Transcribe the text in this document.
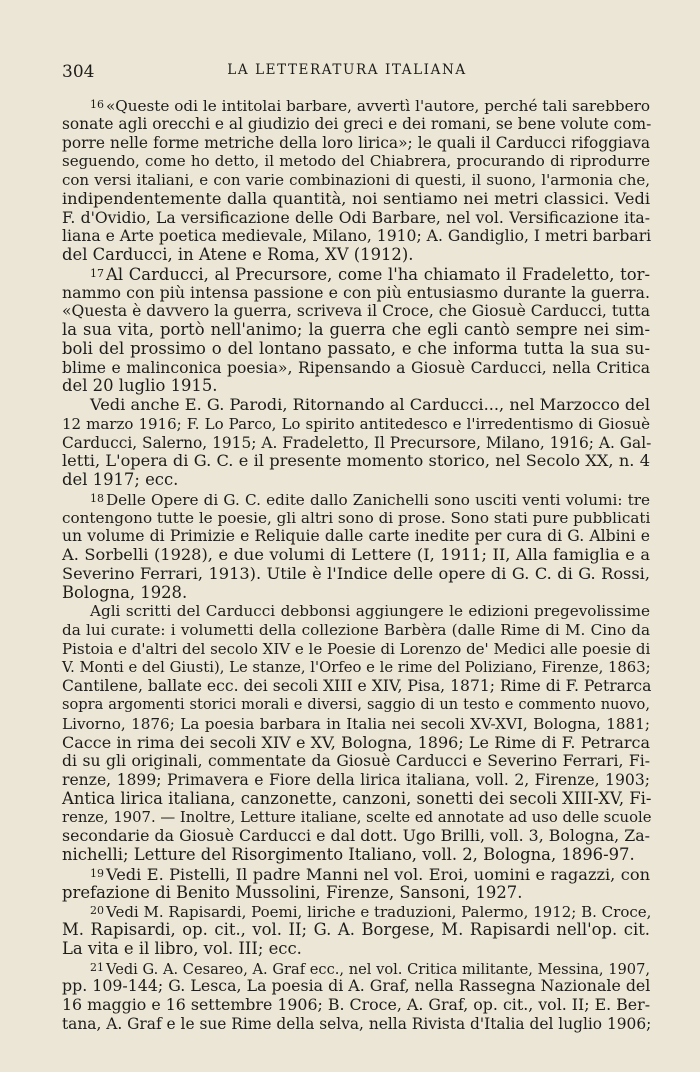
304	LA LETTERATURA ITALIANA
16 «Queste odi le intitolai barbare, avvertì l'autore, perché tali sarebbero
sonate agli orecchi e al giudizio dei greci e dei romani, se bene volute com-
porre nelle forme metriche della loro lirica»; le quali il Carducci rifoggiava
seguendo, come ho detto, il metodo del Chiabrera, procurando di riprodurre
con versi italiani, e con varie combinazioni di questi, il suono, l'armonia che,
indipendentemente dalla quantità, noi sentiamo nei metri classici. Vedi
F. d'Ovidio, La versificazione delle Odi Barbare, nel vol. Versificazione ita-
liana e Arte poetica medievale, Milano, 1910; A. Gandiglio, I metri barbari
del Carducci, in Atene e Roma, XV (1912).
17 Al Carducci, al Precursore, come l'ha chiamato il Fradeletto, tor-
nammo con più intensa passione e con più entusiasmo durante la guerra.
«Questa è davvero la guerra, scriveva il Croce, che Giosuè Carducci, tutta
la sua vita, portò nell'animo; la guerra che egli cantò sempre nei sim-
boli del prossimo o del lontano passato, e che informa tutta la sua su-
blime e malinconica poesia», Ripensando a Giosuè Carducci, nella Critica
del 20 luglio 1915.
Vedi anche E. G. Parodi, Ritornando al Carducci..., nel Marzocco del
12 marzo 1916; F. Lo Parco, Lo spirito antitedesco e l'irredentismo di Giosuè
Carducci, Salerno, 1915; A. Fradeletto, Il Precursore, Milano, 1916; A. Gal-
letti, L'opera di G. C. e il presente momento storico, nel Secolo XX, n. 4
del 1917; ecc.
18 Delle Opere di G. C. edite dallo Zanichelli sono usciti venti volumi: tre
contengono tutte le poesie, gli altri sono di prose. Sono stati pure pubblicati
un volume di Primizie e Reliquie dalle carte inedite per cura di G. Albini e
A. Sorbelli (1928), e due volumi di Lettere (I, 1911; II, Alla famiglia e a
Severino Ferrari, 1913). Utile è l'Indice delle opere di G. C. di G. Rossi,
Bologna, 1928.
Agli scritti del Carducci debbonsi aggiungere le edizioni pregevolissime
da lui curate: i volumetti della collezione Barbèra (dalle Rime di M. Cino da
Pistoia e d'altri del secolo XIV e le Poesie di Lorenzo de' Medici alle poesie di
V. Monti e del Giusti), Le stanze, l'Orfeo e le rime del Poliziano, Firenze, 1863;
Cantilene, ballate ecc. dei secoli XIII e XIV, Pisa, 1871; Rime di F. Petrarca
sopra argomenti storici morali e diversi, saggio di un testo e commento nuovo,
Livorno, 1876; La poesia barbara in Italia nei secoli XV-XVI, Bologna, 1881;
Cacce in rima dei secoli XIV e XV, Bologna, 1896; Le Rime di F. Petrarca
di su gli originali, commentate da Giosuè Carducci e Severino Ferrari, Fi-
renze, 1899; Primavera e Fiore della lirica italiana, voll. 2, Firenze, 1903;
Antica lirica italiana, canzonette, canzoni, sonetti dei secoli XIII-XV, Fi-
renze, 1907. — Inoltre, Letture italiane, scelte ed annotate ad uso delle scuole
secondarie da Giosuè Carducci e dal dott. Ugo Brilli, voll. 3, Bologna, Za-
nichelli; Letture del Risorgimento Italiano, voll. 2, Bologna, 1896-97.
19 Vedi E. Pistelli, Il padre Manni nel vol. Eroi, uomini e ragazzi, con
prefazione di Benito Mussolini, Firenze, Sansoni, 1927.
$^{20}$ Vedi M. Rapisardi, Poemi, liriche e traduzioni, Palermo, 1912; B. Croce,
M. Rapisardi, op. cit., vol. II; G. A. Borgese, M. Rapisardi nell'op. cit.
La vita e il libro, vol. III; ecc.
$^{21}$ Vedi G. A. Cesareo, A. Graf ecc., nel vol. Critica militante, Messina, 1907,
pp. 109-144; G. Lesca, La poesia di A. Graf, nella Rassegna Nazionale del
16 maggio e 16 settembre 1906; B. Croce, A. Graf, op. cit., vol. II; E. Ber-
tana, A. Graf e le sue Rime della selva, nella Rivista d'Italia del luglio 1906;
